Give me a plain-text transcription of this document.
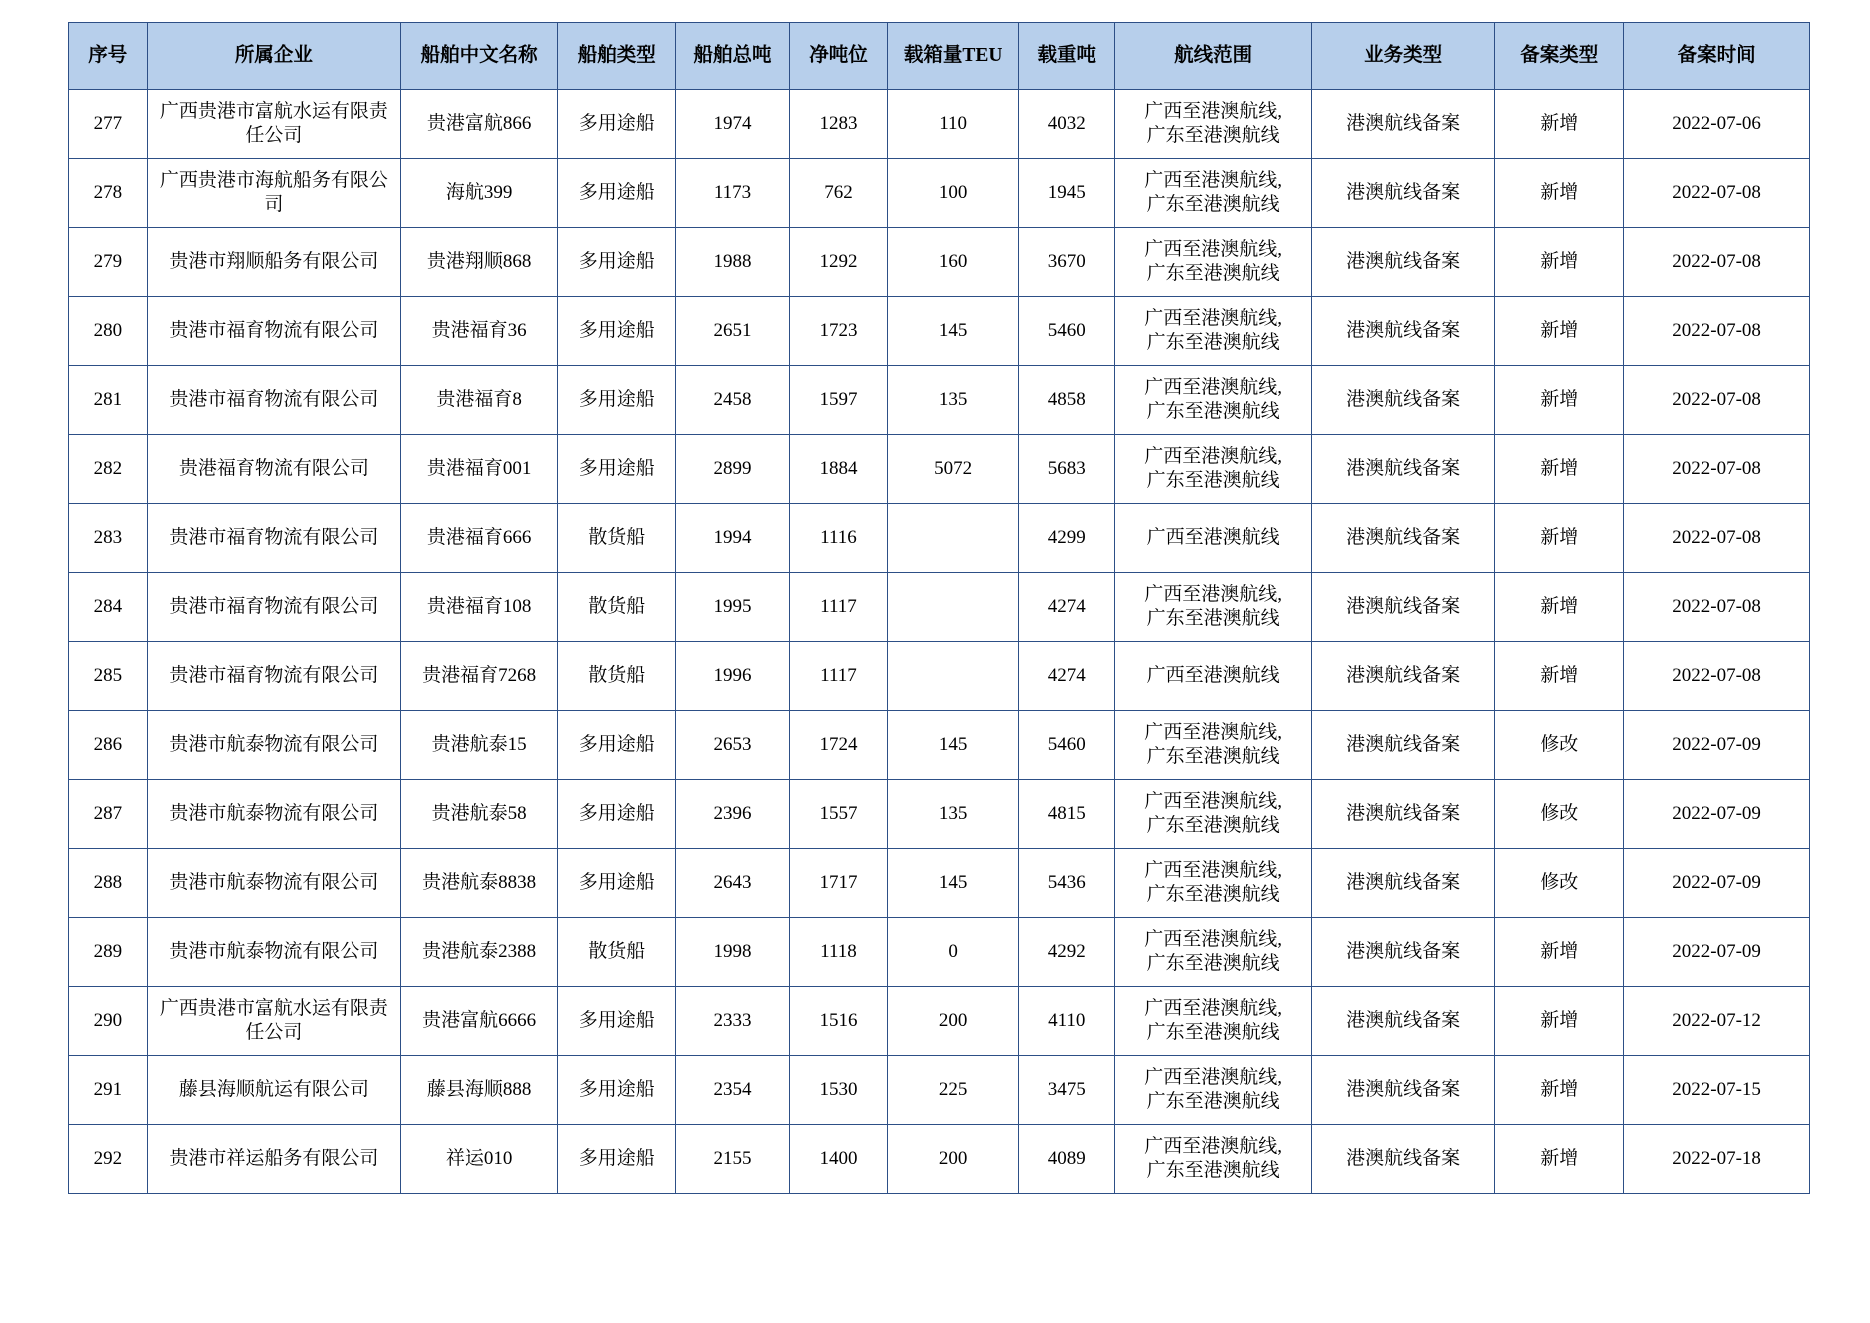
序号	所属企业	船舶中文名称	船舶类型	船舶总吨	净吨位	载箱量TEU	载重吨	航线范围	业务类型	备案类型	备案时间
277	广西贵港市富航水运有限责任公司	贵港富航866	多用途船	1974	1283	110	4032	广西至港澳航线,
广东至港澳航线	港澳航线备案	新增	2022-07-06
278	广西贵港市海航船务有限公司	海航399	多用途船	1173	762	100	1945	广西至港澳航线,
广东至港澳航线	港澳航线备案	新增	2022-07-08
279	贵港市翔顺船务有限公司	贵港翔顺868	多用途船	1988	1292	160	3670	广西至港澳航线,
广东至港澳航线	港澳航线备案	新增	2022-07-08
280	贵港市福育物流有限公司	贵港福育36	多用途船	2651	1723	145	5460	广西至港澳航线,
广东至港澳航线	港澳航线备案	新增	2022-07-08
281	贵港市福育物流有限公司	贵港福育8	多用途船	2458	1597	135	4858	广西至港澳航线,
广东至港澳航线	港澳航线备案	新增	2022-07-08
282	贵港福育物流有限公司	贵港福育001	多用途船	2899	1884	5072	5683	广西至港澳航线,
广东至港澳航线	港澳航线备案	新增	2022-07-08
283	贵港市福育物流有限公司	贵港福育666	散货船	1994	1116		4299	广西至港澳航线	港澳航线备案	新增	2022-07-08
284	贵港市福育物流有限公司	贵港福育108	散货船	1995	1117		4274	广西至港澳航线,
广东至港澳航线	港澳航线备案	新增	2022-07-08
285	贵港市福育物流有限公司	贵港福育7268	散货船	1996	1117		4274	广西至港澳航线	港澳航线备案	新增	2022-07-08
286	贵港市航泰物流有限公司	贵港航泰15	多用途船	2653	1724	145	5460	广西至港澳航线,
广东至港澳航线	港澳航线备案	修改	2022-07-09
287	贵港市航泰物流有限公司	贵港航泰58	多用途船	2396	1557	135	4815	广西至港澳航线,
广东至港澳航线	港澳航线备案	修改	2022-07-09
288	贵港市航泰物流有限公司	贵港航泰8838	多用途船	2643	1717	145	5436	广西至港澳航线,
广东至港澳航线	港澳航线备案	修改	2022-07-09
289	贵港市航泰物流有限公司	贵港航泰2388	散货船	1998	1118	0	4292	广西至港澳航线,
广东至港澳航线	港澳航线备案	新增	2022-07-09
290	广西贵港市富航水运有限责任公司	贵港富航6666	多用途船	2333	1516	200	4110	广西至港澳航线,
广东至港澳航线	港澳航线备案	新增	2022-07-12
291	藤县海顺航运有限公司	藤县海顺888	多用途船	2354	1530	225	3475	广西至港澳航线,
广东至港澳航线	港澳航线备案	新增	2022-07-15
292	贵港市祥运船务有限公司	祥运010	多用途船	2155	1400	200	4089	广西至港澳航线,
广东至港澳航线	港澳航线备案	新增	2022-07-18
